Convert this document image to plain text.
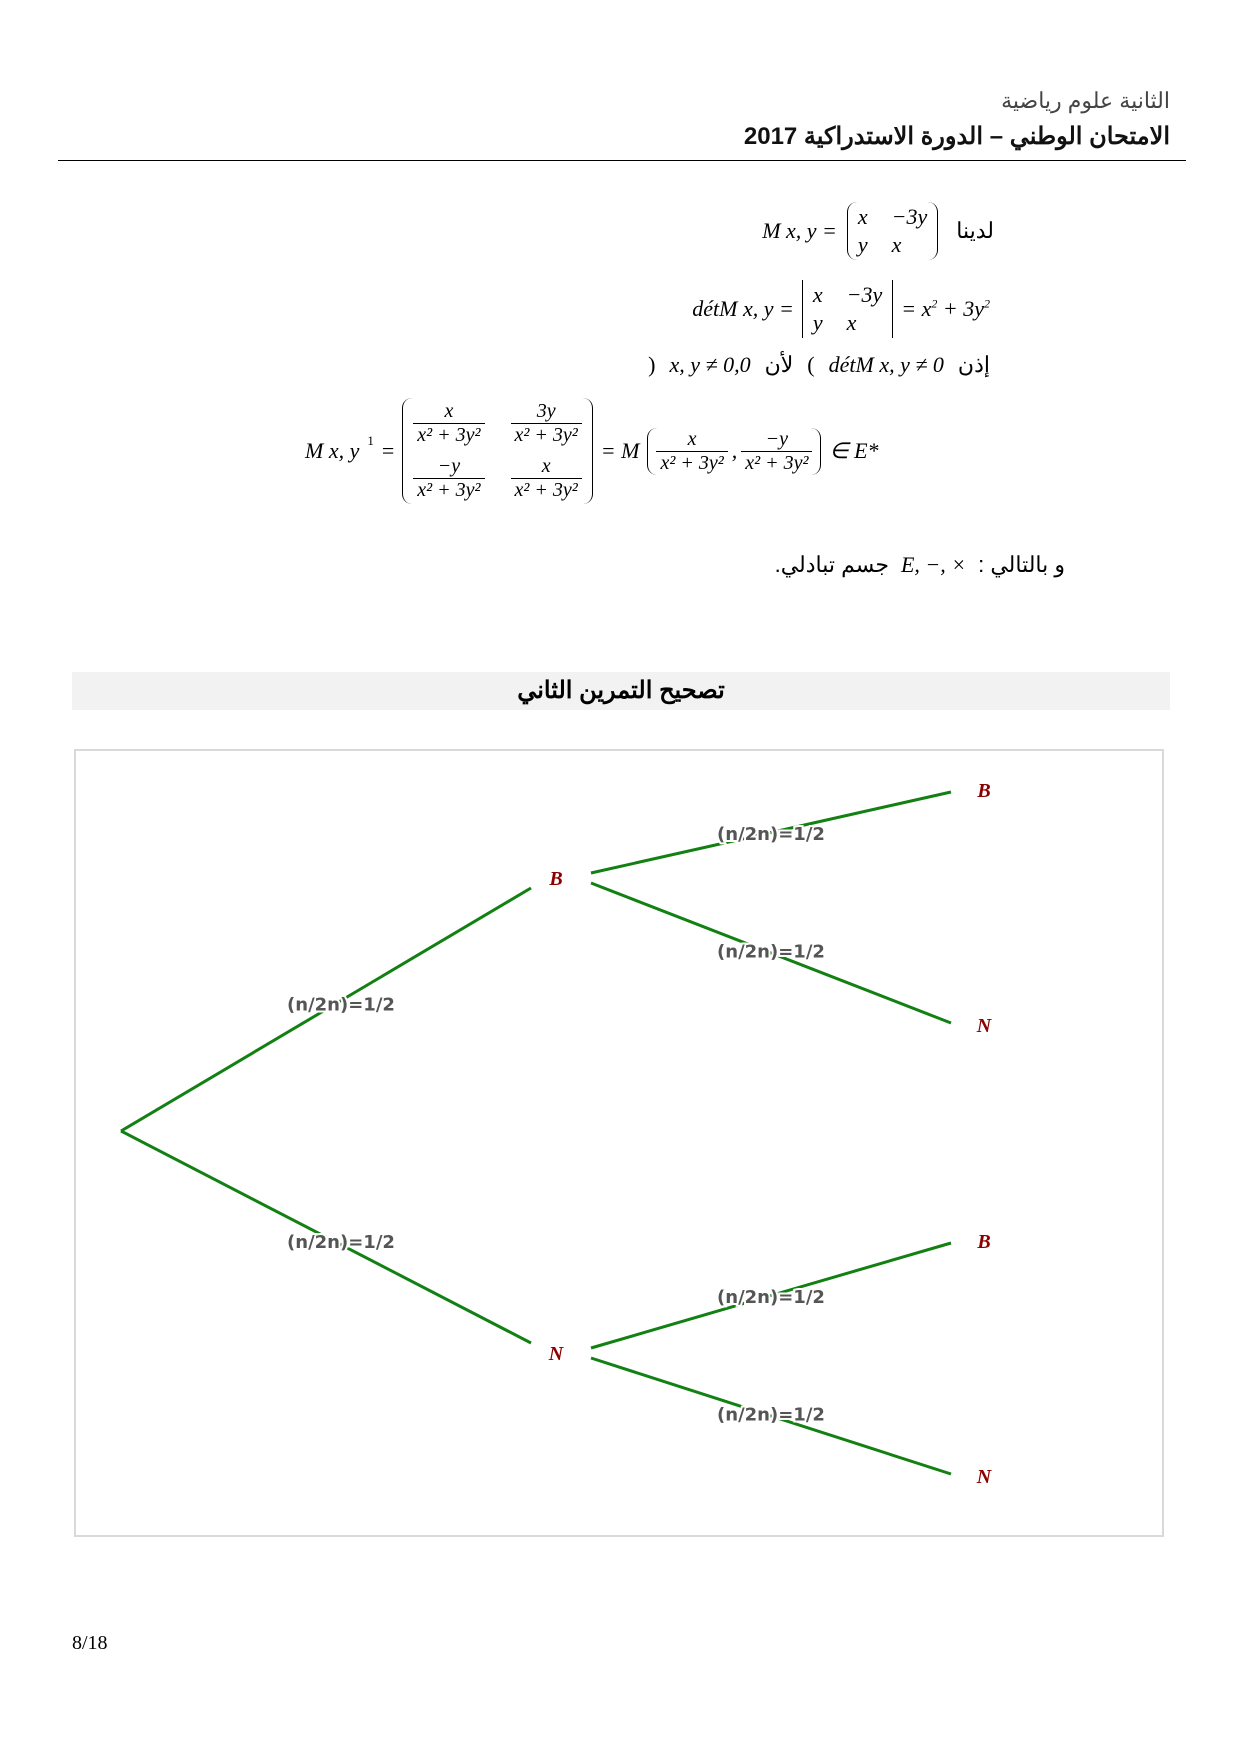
الثانية علوم رياضية
الامتحان الوطني – الدورة الاستدراكية 2017
M x, y =
x −3y
y x
لدينا
détM x, y =
x −3y
y x
= $x^2 + 3y^2$
إذن
détM x, y ≠ 0
)
لأن
x, y ≠ 0,0
(
M x, y 1 =
$\frac{x}{\text{x² + 3y²}} \frac{3y}{\text{x² + 3y²}}$
$\frac{-y}{\text{x² + 3y²}} \frac{x}{\text{x² + 3y²}}$
= M $\frac{x}{\text{x² + 3y²}}$ , $\frac{-y}{\text{x² + 3y²}}$ ∈ E*
و بالتالي :
E, −, ×
جسم تبادلي.
تصحيح التمرين الثاني
(n/2n)=1/2
(n/2n)=1/2
(n/2n)=1/2
(n/2n)=1/2
(n/2n)=1/2
(n/2n)=1/2
B
N
B
N
B
N
8/18
